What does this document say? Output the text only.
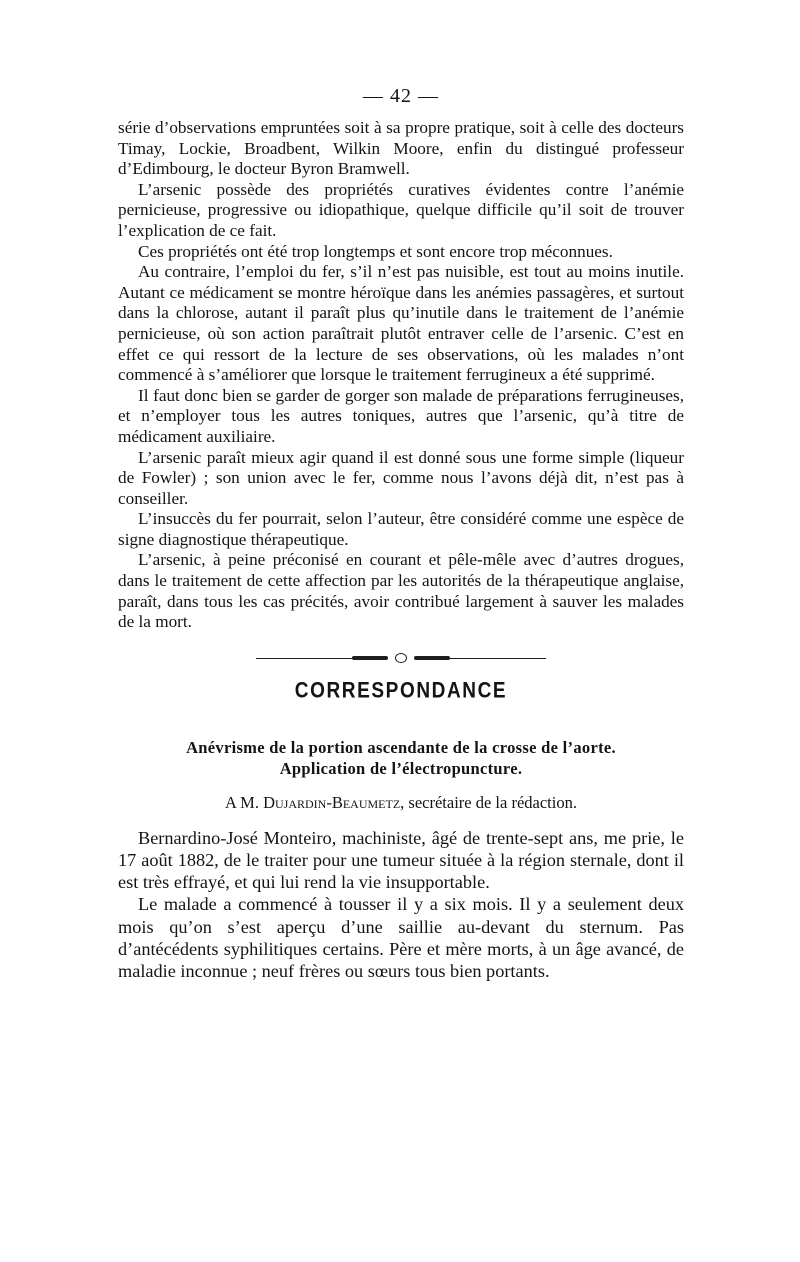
— 42 —

série d’observations empruntées soit à sa propre pratique, soit à celle des docteurs Timay, Lockie, Broadbent, Wilkin Moore, enfin du distingué professeur d’Edimbourg, le docteur Byron Bramwell.

L’arsenic possède des propriétés curatives évidentes contre l’anémie pernicieuse, progressive ou idiopathique, quelque difficile qu’il soit de trouver l’explication de ce fait.

Ces propriétés ont été trop longtemps et sont encore trop méconnues.

Au contraire, l’emploi du fer, s’il n’est pas nuisible, est tout au moins inutile. Autant ce médicament se montre héroïque dans les anémies passagères, et surtout dans la chlorose, autant il paraît plus qu’inutile dans le traitement de l’anémie pernicieuse, où son action paraîtrait plutôt entraver celle de l’arsenic. C’est en effet ce qui ressort de la lecture de ses observations, où les malades n’ont commencé à s’améliorer que lorsque le traitement ferrugineux a été supprimé.

Il faut donc bien se garder de gorger son malade de préparations ferrugineuses, et n’employer tous les autres toniques, autres que l’arsenic, qu’à titre de médicament auxiliaire.

L’arsenic paraît mieux agir quand il est donné sous une forme simple (liqueur de Fowler) ; son union avec le fer, comme nous l’avons déjà dit, n’est pas à conseiller.

L’insuccès du fer pourrait, selon l’auteur, être considéré comme une espèce de signe diagnostique thérapeutique.

L’arsenic, à peine préconisé en courant et pêle-mêle avec d’autres drogues, dans le traitement de cette affection par les autorités de la thérapeutique anglaise, paraît, dans tous les cas précités, avoir contribué largement à sauver les malades de la mort.

CORRESPONDANCE
Anévrisme de la portion ascendante de la crosse de l’aorte.
Application de l’électropuncture.
A M. Dujardin-Beaumetz, secrétaire de la rédaction.

Bernardino-José Monteiro, machiniste, âgé de trente-sept ans, me prie, le 17 août 1882, de le traiter pour une tumeur située à la région sternale, dont il est très effrayé, et qui lui rend la vie insupportable.

Le malade a commencé à tousser il y a six mois. Il y a seulement deux mois qu’on s’est aperçu d’une saillie au-devant du sternum. Pas d’antécédents syphilitiques certains. Père et mère morts, à un âge avancé, de maladie inconnue ; neuf frères ou sœurs tous bien portants.
